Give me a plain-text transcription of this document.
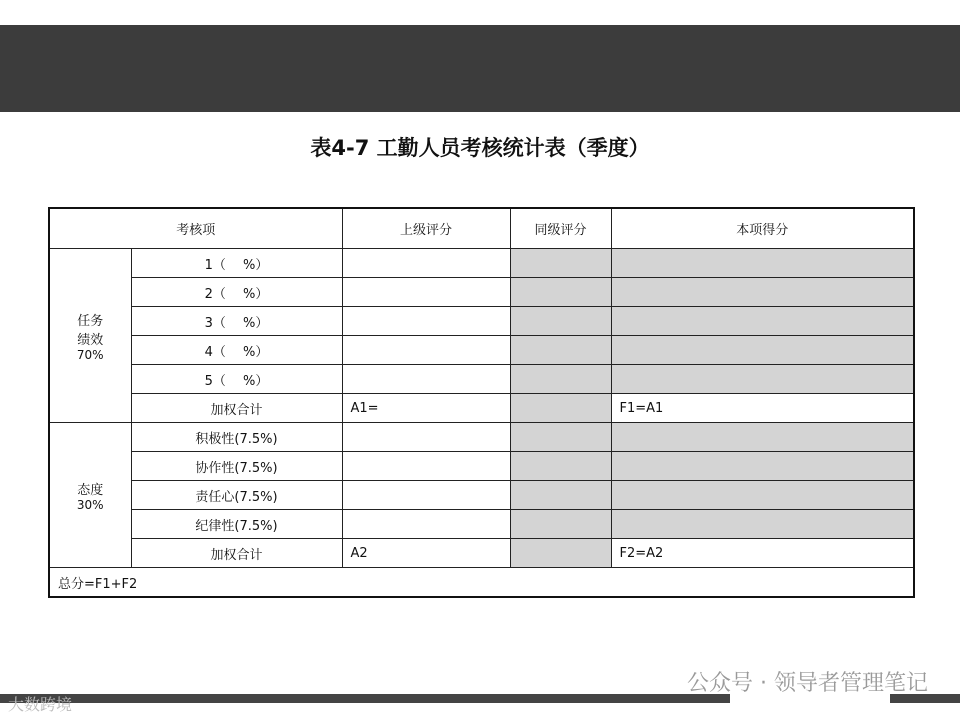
表4-7 工勤人员考核统计表（季度）
考核项		上级评分	同级评分	本项得分

任务
绩效
70%	1（　 %）			
	2（　 %）			
	3（　 %）			
	4（　 %）			
	5（　 %）			
	加权合计	A1=		F1=A1

态度
30%	积极性(7.5%)			
	协作性(7.5%)			
	责任心(7.5%)			
	纪律性(7.5%)			
	加权合计	A2		F2=A2
总分=F1+F2				
公众号 · 领导者管理笔记
大数跨境
